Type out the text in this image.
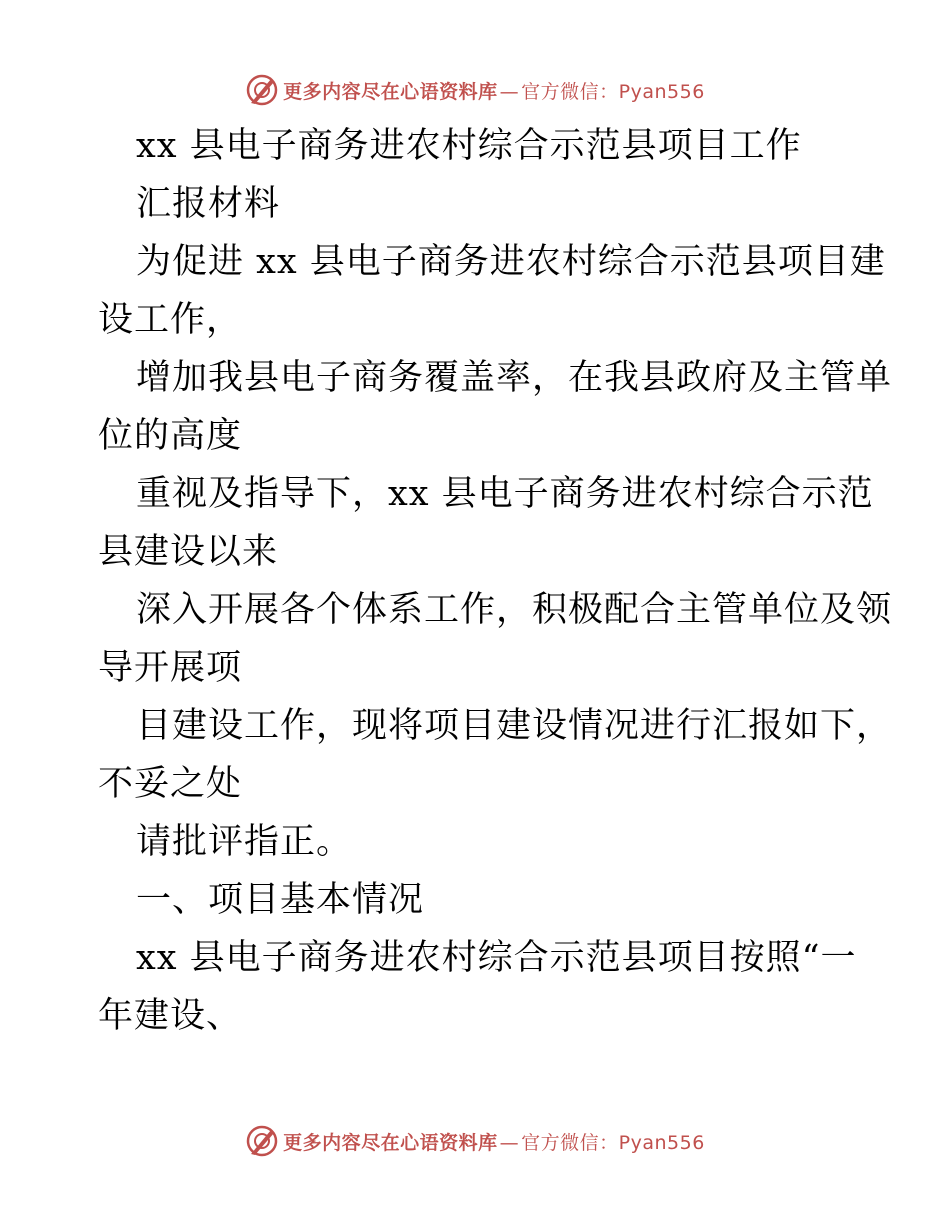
更多内容尽在心语资料库 — 官方微信：Pyan556
xx 县电子商务进农村综合示范县项目工作
汇报材料
为促进 xx 县电子商务进农村综合示范县项目建
设工作，
增加我县电子商务覆盖率，在我县政府及主管单
位的高度
重视及指导下，xx 县电子商务进农村综合示范
县建设以来
深入开展各个体系工作，积极配合主管单位及领
导开展项
目建设工作，现将项目建设情况进行汇报如下，
不妥之处
请批评指正。
一、项目基本情况
xx 县电子商务进农村综合示范县项目按照“一
年建设、
更多内容尽在心语资料库 — 官方微信：Pyan556
